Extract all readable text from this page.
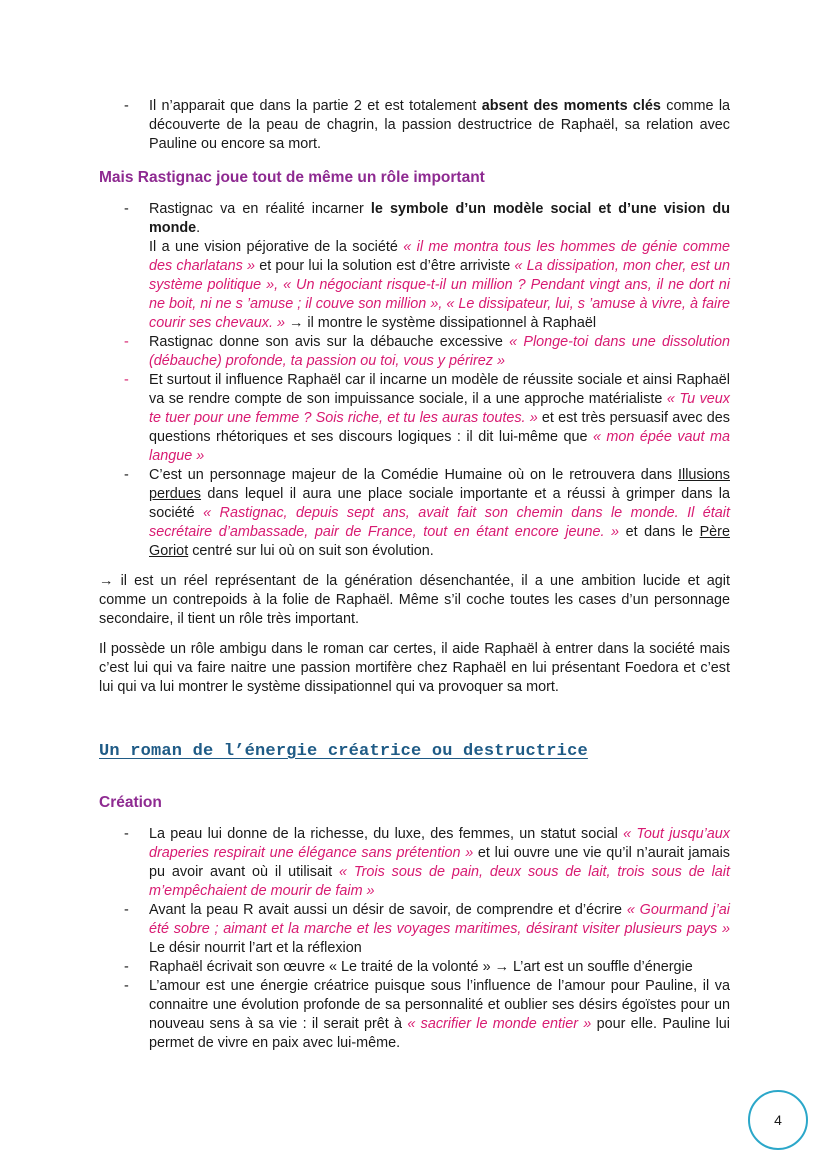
-	Il n’apparait que dans la partie 2 et est totalement absent des moments clés comme la découverte de la peau de chagrin, la passion destructrice de Raphaël, sa relation avec Pauline ou encore sa mort.
Mais Rastignac joue tout de même un rôle important
-	Rastignac va en réalité incarner le symbole d’un modèle social et d’une vision du monde.
Il a une vision péjorative de la société « il me montra tous les hommes de génie comme des charlatans » et pour lui la solution est d’être arriviste « La dissipation, mon cher, est un système politique », « Un négociant risque-t-il un million ? Pendant vingt ans, il ne dort ni ne boit, ni ne s ’amuse ; il couve son million », « Le dissipateur, lui, s ’amuse à vivre, à faire courir ses chevaux. » → il montre le système dissipationnel à Raphaël
-	Rastignac donne son avis sur la débauche excessive « Plonge-toi dans une dissolution (débauche) profonde, ta passion ou toi, vous y périrez »
-	Et surtout il influence Raphaël car il incarne un modèle de réussite sociale et ainsi Raphaël va se rendre compte de son impuissance sociale, il a une approche matérialiste « Tu veux te tuer pour une femme ? Sois riche, et tu les auras toutes. » et est très persuasif avec des questions rhétoriques et ses discours logiques : il dit lui-même que « mon épée vaut ma langue »
-	C’est un personnage majeur de la Comédie Humaine où on le retrouvera dans Illusions perdues dans lequel il aura une place sociale importante et a réussi à grimper dans la société « Rastignac, depuis sept ans, avait fait son chemin dans le monde. Il était secrétaire d’ambassade, pair de France, tout en étant encore jeune. » et dans le Père Goriot centré sur lui où on suit son évolution.

→ il est un réel représentant de la génération désenchantée, il a une ambition lucide et agit comme un contrepoids à la folie de Raphaël. Même s’il coche toutes les cases d’un personnage secondaire, il tient un rôle très important.

Il possède un rôle ambigu dans le roman car certes, il aide Raphaël à entrer dans la société mais c’est lui qui va faire naitre une passion mortifère chez Raphaël en lui présentant Foedora et c’est lui qui va lui montrer le système dissipationnel qui va provoquer sa mort.

Un roman de l’énergie créatrice ou destructrice
Création
-	La peau lui donne de la richesse, du luxe, des femmes, un statut social « Tout jusqu’aux draperies respirait une élégance sans prétention » et lui ouvre une vie qu’il n’aurait jamais pu avoir avant où il utilisait « Trois sous de pain, deux sous de lait, trois sous de lait m’empêchaient de mourir de faim »
-	Avant la peau R avait aussi un désir de savoir, de comprendre et d’écrire « Gourmand j’ai été sobre ; aimant et la marche et les voyages maritimes, désirant visiter plusieurs pays » Le désir nourrit l’art et la réflexion
-	Raphaël écrivait son œuvre « Le traité de la volonté » → L’art est un souffle d’énergie
-	L’amour est une énergie créatrice puisque sous l’influence de l’amour pour Pauline, il va connaitre une évolution profonde de sa personnalité et oublier ses désirs égoïstes pour un nouveau sens à sa vie : il serait prêt à « sacrifier le monde entier » pour elle. Pauline lui permet de vivre en paix avec lui-même.
4
